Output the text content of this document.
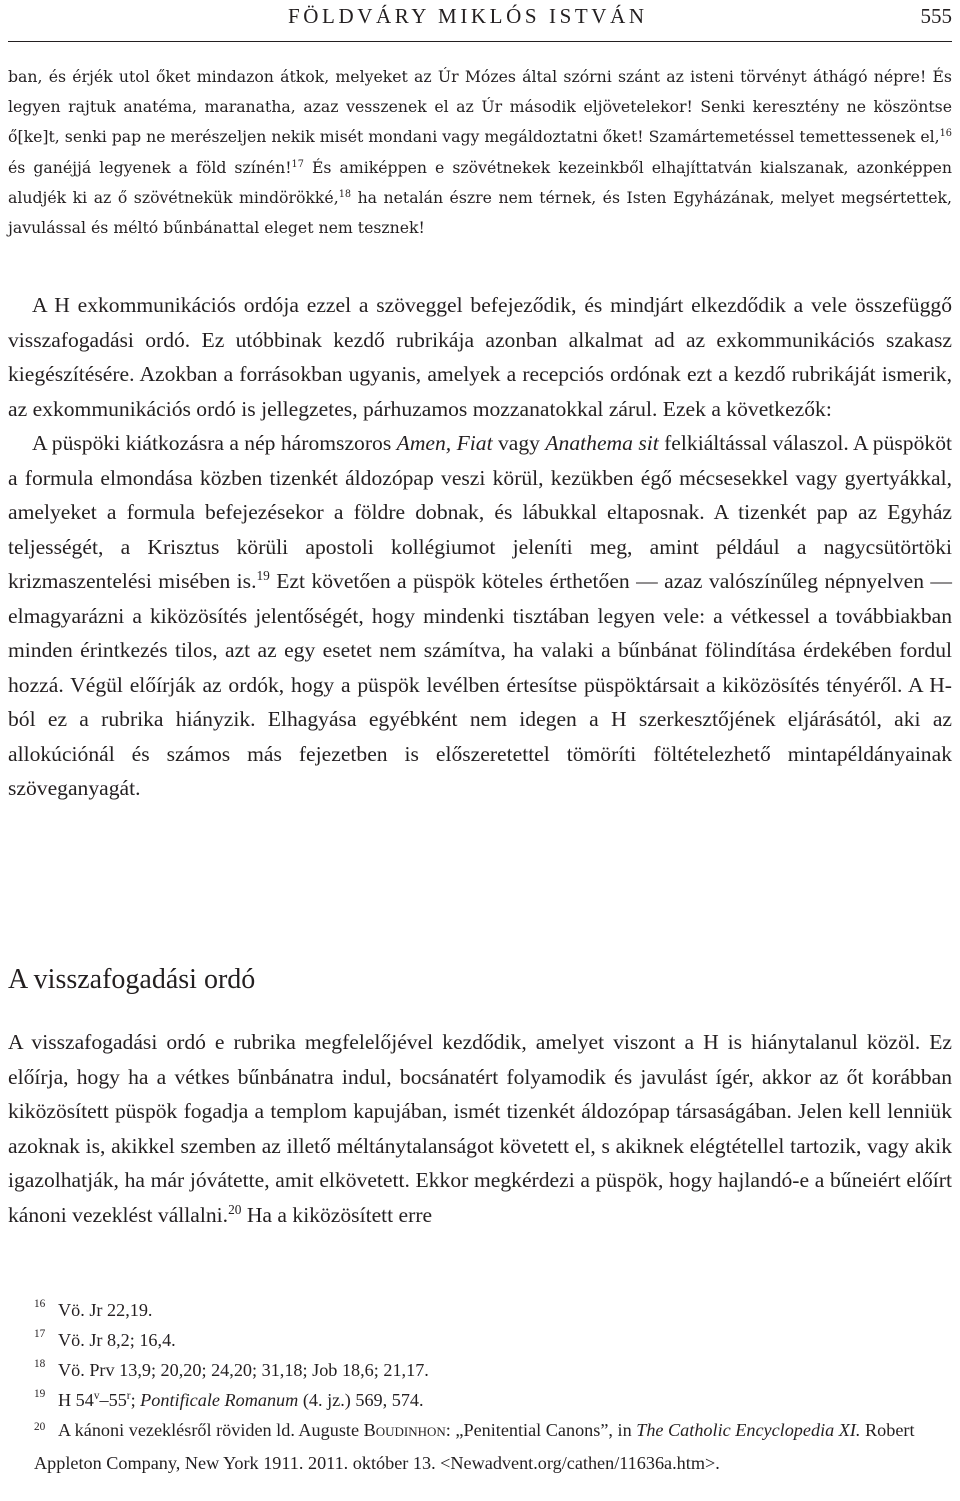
FÖLDVÁRY MIKLÓS ISTVÁN	555

ban, és érjék utol őket mindazon átkok, melyeket az Úr Mózes által szórni szánt az isteni törvényt áthágó népre! És legyen rajtuk anatéma, maranatha, azaz vesszenek el az Úr második eljövetelekor! Senki keresztény ne köszöntse ő[ke]t, senki pap ne merészeljen nekik misét mondani vagy megáldoztatni őket! Szamártemetéssel temettessenek el,$^{16}$ és ganéjjá legyenek a föld színén!$^{17}$ És amiképpen e szövétnekek kezeinkből elhajíttatván kialszanak, azonképpen aludjék ki az ő szövétnekük mindörökké,$^{18}$ ha netalán észre nem térnek, és Isten Egyházának, melyet megsértettek, javulással és méltó bűnbánattal eleget nem tesznek!

A H exkommunikációs ordója ezzel a szöveggel befejeződik, és mindjárt elkezdődik a vele összefüggő visszafogadási ordó. Ez utóbbinak kezdő rubrikája azonban alkalmat ad az exkommunikációs szakasz kiegészítésére. Azokban a forrásokban ugyanis, amelyek a recepciós ordónak ezt a kezdő rubrikáját ismerik, az exkommunikációs ordó is jellegzetes, párhuzamos mozzanatokkal zárul. Ezek a következők:

A püspöki kiátkozásra a nép háromszoros Amen, Fiat vagy Anathema sit felkiáltással válaszol. A püspököt a formula elmondása közben tizenkét áldozópap veszi körül, kezükben égő mécsesekkel vagy gyertyákkal, amelyeket a formula befejezésekor a földre dobnak, és lábukkal eltaposnak. A tizenkét pap az Egyház teljességét, a Krisztus körüli apostoli kollégiumot jeleníti meg, amint például a nagycsütörtöki krizmaszentelési misében is.$^{19}$ Ezt követően a püspök köteles érthetően — azaz valószínűleg népnyelven — elmagyarázni a kiközösítés jelentőségét, hogy mindenki tisztában legyen vele: a vétkessel a továbbiakban minden érintkezés tilos, azt az egy esetet nem számítva, ha valaki a bűnbánat fölindítása érdekében fordul hozzá. Végül előírják az ordók, hogy a püspök levélben értesítse püspöktársait a kiközösítés tényéről. A H-ból ez a rubrika hiányzik. Elhagyása egyébként nem idegen a H szerkesztőjének eljárásától, aki az allokúciónál és számos más fejezetben is előszeretettel tömöríti föltételezhető mintapéldányainak szöveganyagát.

A visszafogadási ordó

A visszafogadási ordó e rubrika megfelelőjével kezdődik, amelyet viszont a H is hiánytalanul közöl. Ez előírja, hogy ha a vétkes bűnbánatra indul, bocsánatért folyamodik és javulást ígér, akkor az őt korábban kiközösített püspök fogadja a templom kapujában, ismét tizenkét áldozópap társaságában. Jelen kell lenniük azoknak is, akikkel szemben az illető méltánytalanságot követett el, s akiknek elégtétellel tartozik, vagy akik igazolhatják, ha már jóvátette, amit elkövetett. Ekkor megkérdezi a püspök, hogy hajlandó-e a bűneiért előírt kánoni vezeklést vállalni.$^{20}$ Ha a kiközösített erre

16 Vö. Jr 22,19.
17 Vö. Jr 8,2; 16,4.
18 Vö. Prv 13,9; 20,20; 24,20; 31,18; Job 18,6; 21,17.
19 H 54$^v$–55$^r$; Pontificale Romanum (4. jz.) 569, 574.
20 A kánoni vezeklésről röviden ld. Auguste Boudinhon: „Penitential Canons”, in The Catholic Encyclopedia XI. Robert Appleton Company, New York 1911. 2011. október 13. <Newadvent.org/cathen/11636a.htm>.
